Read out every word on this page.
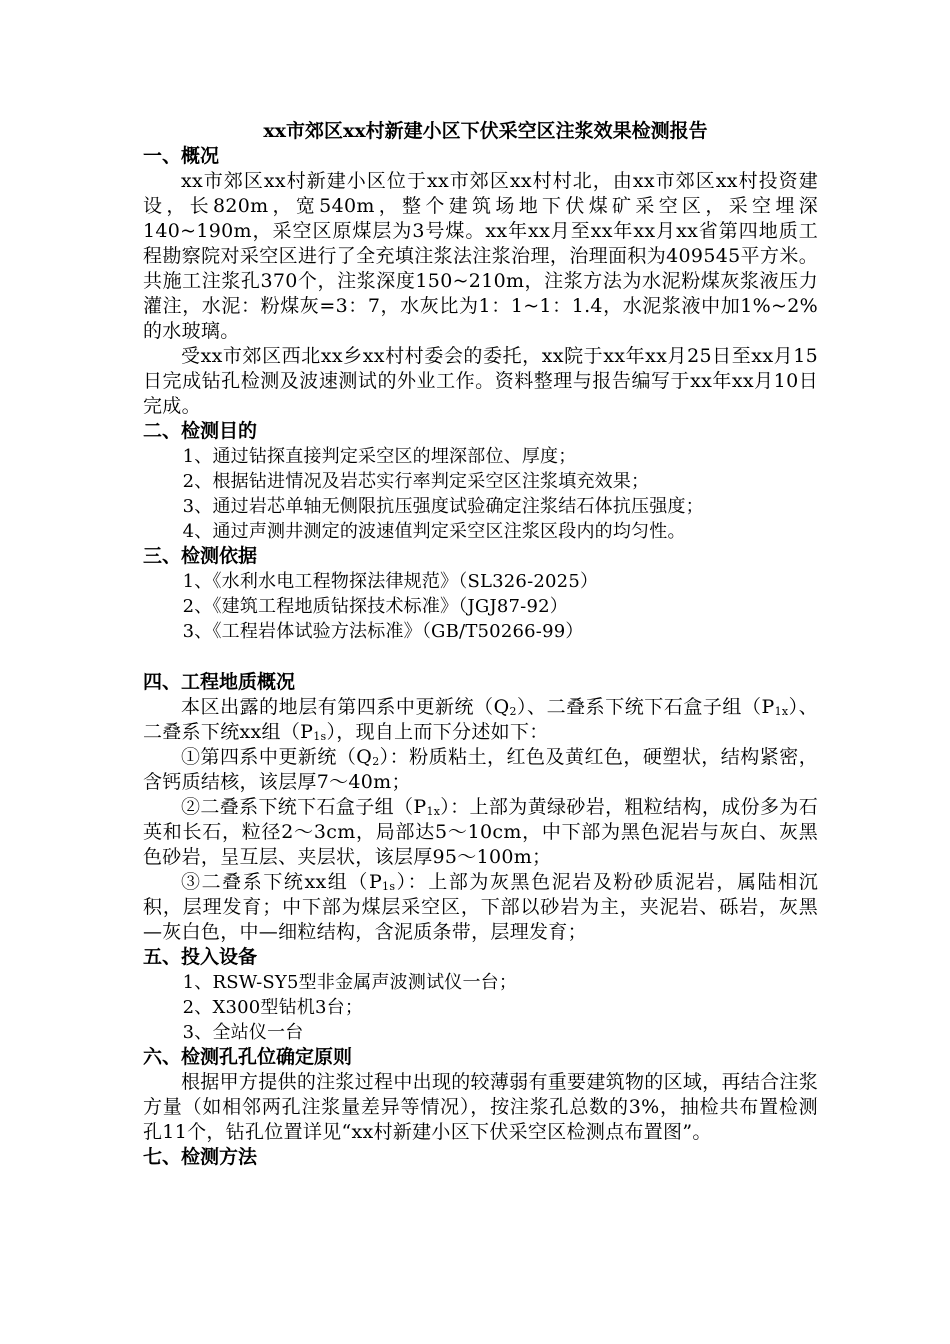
xx市郊区xx村新建小区下伏采空区注浆效果检测报告
一、概况

xx市郊区xx村新建小区位于xx市郊区xx村村北，由xx市郊区xx村投资建设，长820m，宽540m，整个建筑场地下伏煤矿采空区，采空埋深140~190m，采空区原煤层为3号煤。xx年xx月至xx年xx月xx省第四地质工程勘察院对采空区进行了全充填注浆法注浆治理，治理面积为409545平方米。共施工注浆孔370个，注浆深度150~210m，注浆方法为水泥粉煤灰浆液压力灌注，水泥：粉煤灰=3：7，水灰比为1：1~1：1.4，水泥浆液中加1%~2%的水玻璃。

受xx市郊区西北xx乡xx村村委会的委托，xx院于xx年xx月25日至xx月15日完成钻孔检测及波速测试的外业工作。资料整理与报告编写于xx年xx月10日完成。

二、检测目的

1、通过钻探直接判定采空区的埋深部位、厚度；

2、根据钻进情况及岩芯实行率判定采空区注浆填充效果；

3、通过岩芯单轴无侧限抗压强度试验确定注浆结石体抗压强度；

4、通过声测井测定的波速值判定采空区注浆区段内的均匀性。

三、检测依据

1、《水利水电工程物探法律规范》（SL326-2025）

2、《建筑工程地质钻探技术标准》（JGJ87-92）

3、《工程岩体试验方法标准》（GB/T50266-99）

四、工程地质概况

本区出露的地层有第四系中更新统$(Q_2)$、二叠系下统下石盒子组$(P_{1x})$、二叠系下统xx组$(P_{1s})$，现自上而下分述如下：

①第四系中更新统$(Q_2)$：粉质粘土，红色及黄红色，硬塑状，结构紧密，含钙质结核，该层厚7～40m；

②二叠系下统下石盒子组$(P_{1x})$：上部为黄绿砂岩，粗粒结构，成份多为石英和长石，粒径2～3cm，局部达5～10cm，中下部为黑色泥岩与灰白、灰黑色砂岩，呈互层、夹层状，该层厚95～100m；

③二叠系下统xx组$(P_{1s})$：上部为灰黑色泥岩及粉砂质泥岩，属陆相沉积，层理发育；中下部为煤层采空区，下部以砂岩为主，夹泥岩、砾岩，灰黑—灰白色，中—细粒结构，含泥质条带，层理发育；

五、投入设备

1、RSW-SY5型非金属声波测试仪一台；

2、X300型钻机3台；

3、全站仪一台

六、检测孔孔位确定原则

根据甲方提供的注浆过程中出现的较薄弱有重要建筑物的区域，再结合注浆方量（如相邻两孔注浆量差异等情况），按注浆孔总数的3%，抽检共布置检测孔11个，钻孔位置详见“xx村新建小区下伏采空区检测点布置图”。

七、检测方法
